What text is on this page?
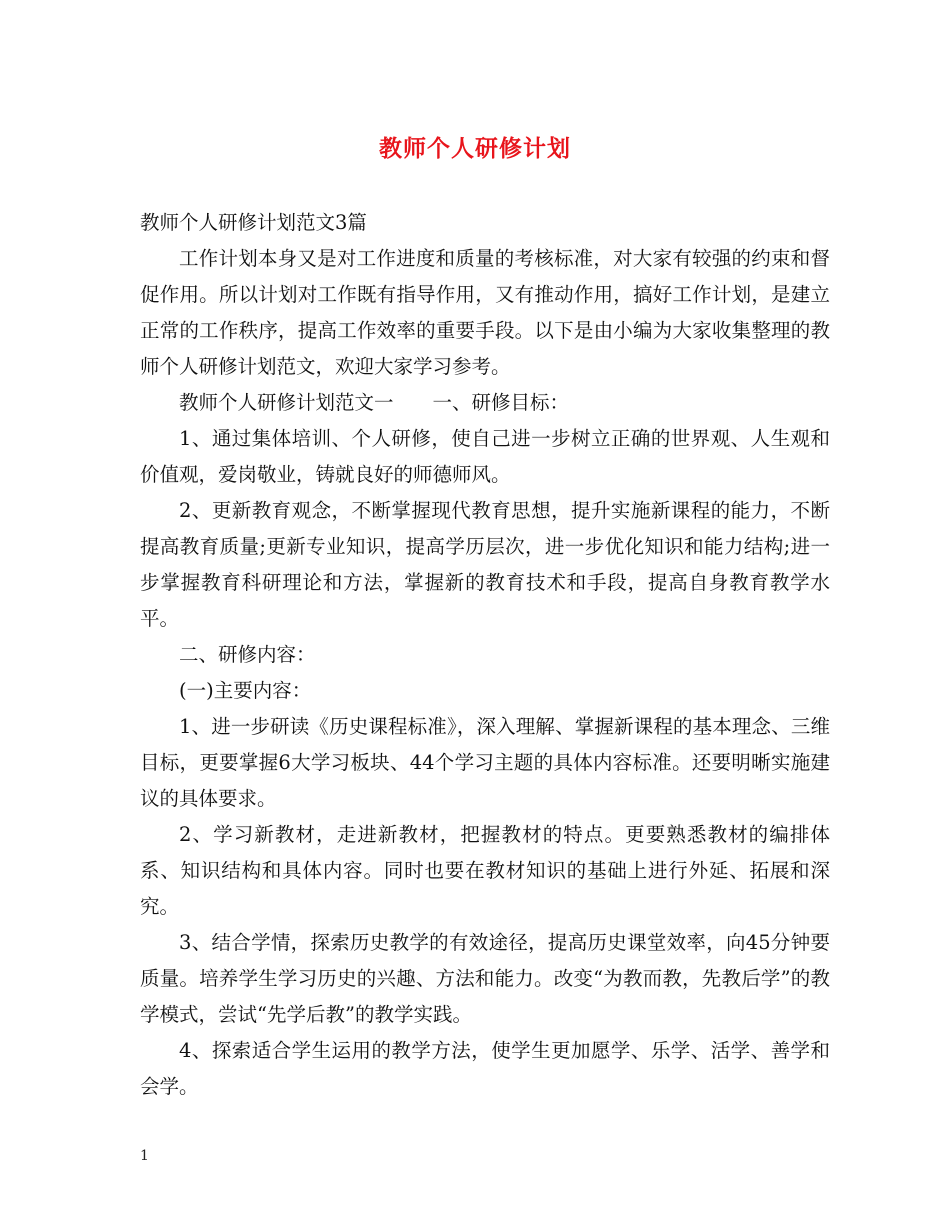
教师个人研修计划

教师个人研修计划范文3篇

工作计划本身又是对工作进度和质量的考核标准，对大家有较强的约束和督促作用。所以计划对工作既有指导作用，又有推动作用，搞好工作计划，是建立正常的工作秩序，提高工作效率的重要手段。以下是由小编为大家收集整理的教师个人研修计划范文，欢迎大家学习参考。

教师个人研修计划范文一　　一、研修目标：

1、通过集体培训、个人研修，使自己进一步树立正确的世界观、人生观和价值观，爱岗敬业，铸就良好的师德师风。

2、更新教育观念，不断掌握现代教育思想，提升实施新课程的能力，不断提高教育质量;更新专业知识，提高学历层次，进一步优化知识和能力结构;进一步掌握教育科研理论和方法，掌握新的教育技术和手段，提高自身教育教学水平。

二、研修内容：

(一)主要内容：

1、进一步研读《历史课程标准》，深入理解、掌握新课程的基本理念、三维目标，更要掌握6大学习板块、44个学习主题的具体内容标准。还要明晰实施建议的具体要求。

2、学习新教材，走进新教材，把握教材的特点。更要熟悉教材的编排体系、知识结构和具体内容。同时也要在教材知识的基础上进行外延、拓展和深究。

3、结合学情，探索历史教学的有效途径，提高历史课堂效率，向45分钟要质量。培养学生学习历史的兴趣、方法和能力。改变“为教而教，先教后学”的教学模式，尝试“先学后教”的教学实践。

4、探索适合学生运用的教学方法，使学生更加愿学、乐学、活学、善学和会学。

1
